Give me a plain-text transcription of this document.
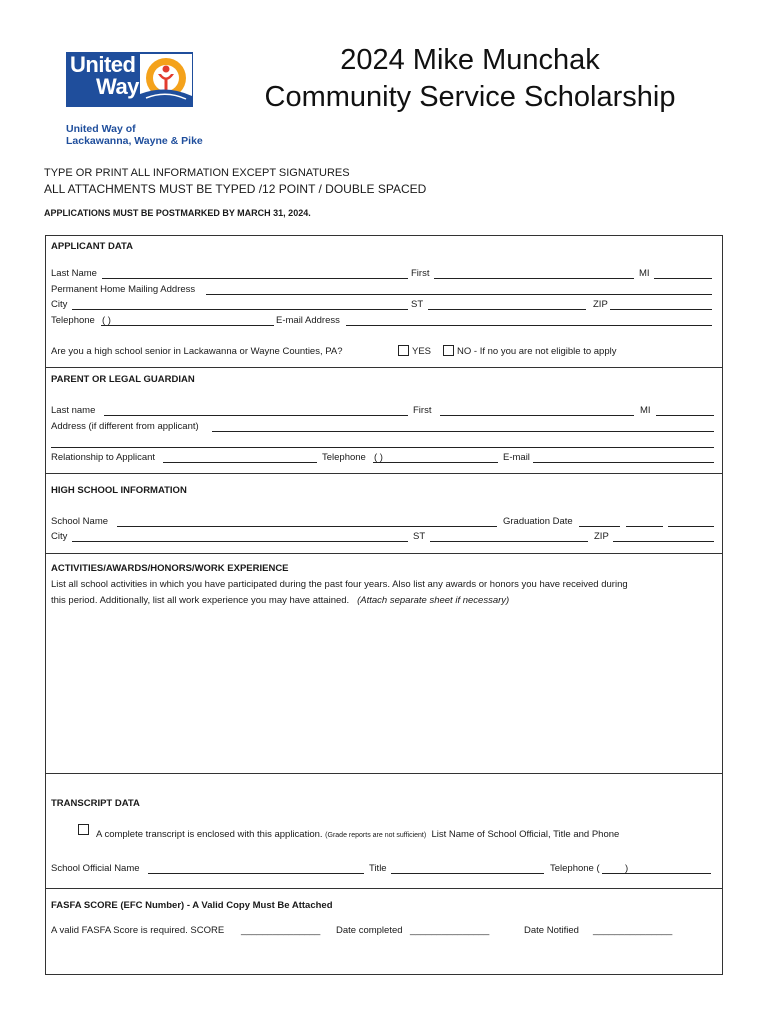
United
Way
United Way of
Lackawanna, Wayne & Pike
2024 Mike Munchak
Community Service Scholarship
TYPE OR PRINT ALL INFORMATION EXCEPT SIGNATURES
ALL ATTACHMENTS MUST BE TYPED /12 POINT / DOUBLE SPACED
APPLICATIONS MUST BE POSTMARKED BY MARCH 31, 2024.
APPLICANT DATA
Last Name	First	MI
Permanent Home Mailing Address
City	ST	ZIP
Telephone ( )	E-mail Address
Are you a high school senior in Lackawanna or Wayne Counties, PA?	YES	NO - If no you are not eligible to apply
PARENT OR LEGAL GUARDIAN
Last name	First	MI
Address (if different from applicant)
Relationship to Applicant	Telephone ( )	E-mail
HIGH SCHOOL INFORMATION
School Name	Graduation Date
City	ST	ZIP
ACTIVITIES/AWARDS/HONORS/WORK EXPERIENCE
List all school activities in which you have participated during the past four years. Also list any awards or honors you have received during
this period. Additionally, list all work experience you may have attained. (Attach separate sheet if necessary)
TRANSCRIPT DATA
A complete transcript is enclosed with this application. (Grade reports are not sufficient) List Name of School Official, Title and Phone
School Official Name	Title	Telephone (	)
FASFA SCORE (EFC Number) - A Valid Copy Must Be Attached
A valid FASFA Score is required. SCORE _______________ Date completed _______________	Date Notified _______________
